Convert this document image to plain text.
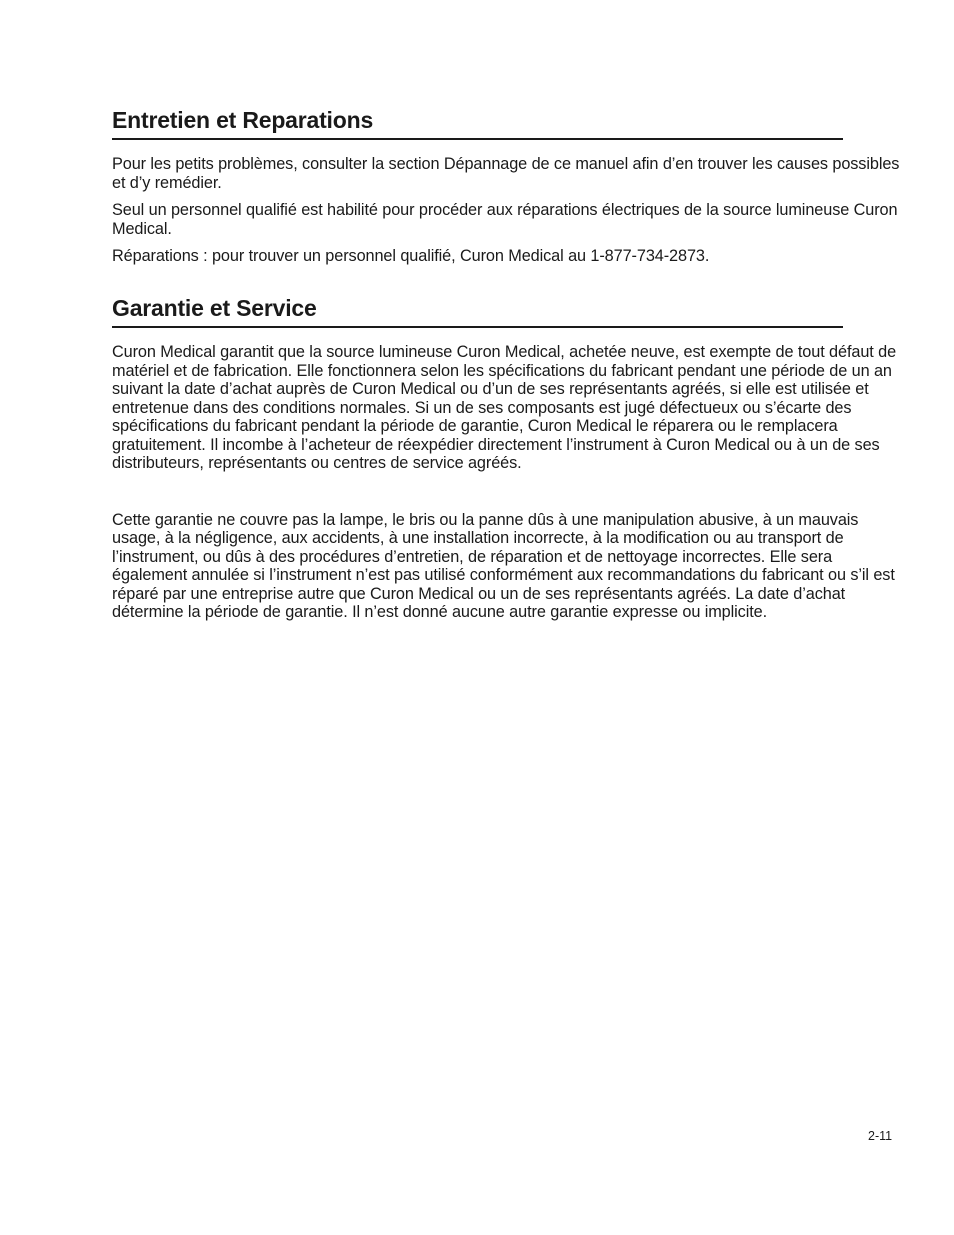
Entretien et Reparations

Pour les petits problèmes, consulter la section Dépannage de ce manuel afin d’en trouver les causes possibles et d’y remédier.

Seul un personnel qualifié est habilité pour procéder aux réparations électriques de la source lumineuse Curon Medical.

Réparations : pour trouver un personnel qualifié, Curon Medical au 1-877-734-2873.

Garantie et Service

Curon Medical garantit que la source lumineuse Curon Medical, achetée neuve, est exempte de tout défaut de matériel et de fabrication. Elle fonctionnera selon les spécifications du fabricant pendant une période de un an suivant la date d’achat auprès de Curon Medical ou d’un de ses représentants agréés, si elle est utilisée et entretenue dans des conditions normales. Si un de ses composants est jugé défectueux ou s’écarte des spécifications du fabricant pendant la période de garantie, Curon Medical le réparera ou le remplacera gratuitement. Il incombe à l’acheteur de réexpédier directement l’instrument à Curon Medical ou à un de ses distributeurs, représentants ou centres de service agréés.

Cette garantie ne couvre pas la lampe, le bris ou la panne dûs à une manipulation abusive, à un mauvais usage, à la négligence, aux accidents, à une installation incorrecte, à la modification ou au transport de l’instrument, ou dûs à des procédures d’entretien, de réparation et de nettoyage incorrectes. Elle sera également annulée si l’instrument n’est pas utilisé conformément aux recommandations du fabricant ou s’il est réparé par une entreprise autre que Curon Medical ou un de ses représentants agréés. La date d’achat détermine la période de garantie. Il n’est donné aucune autre garantie expresse ou implicite.

2-11
